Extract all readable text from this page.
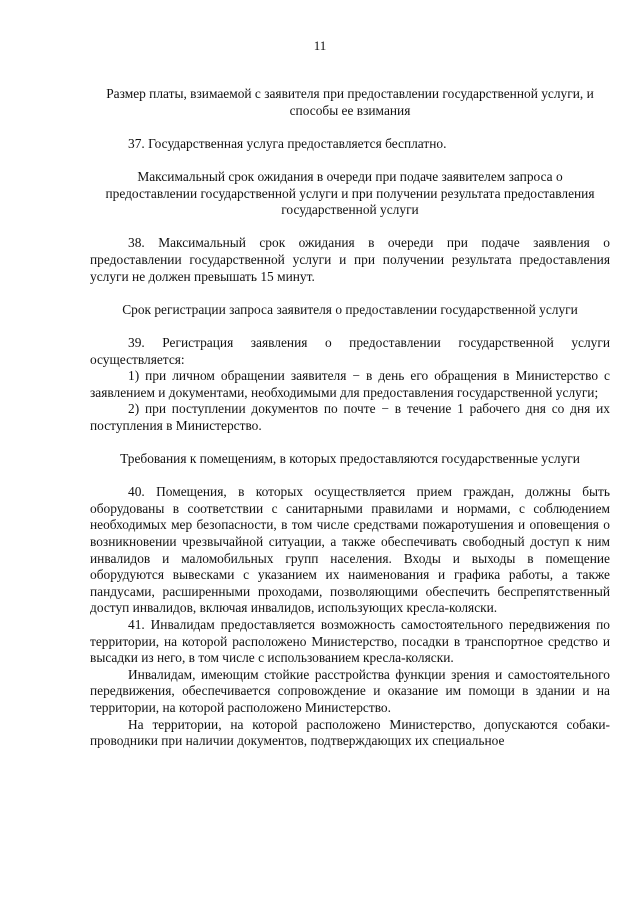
11

Размер платы, взимаемой с заявителя при предоставлении государственной услуги, и способы ее взимания

37. Государственная услуга предоставляется бесплатно.

Максимальный срок ожидания в очереди при подаче заявителем запроса о предоставлении государственной услуги и при получении результата предоставления государственной услуги

38. Максимальный срок ожидания в очереди при подаче заявления о предоставлении государственной услуги и при получении результата предоставления услуги не должен превышать 15 минут.

Срок регистрации запроса заявителя о предоставлении государственной услуги

39. Регистрация заявления о предоставлении государственной услуги осуществляется:

1) при личном обращении заявителя − в день его обращения в Министерство с заявлением и документами, необходимыми для предоставления государственной услуги;

2) при поступлении документов по почте − в течение 1 рабочего дня со дня их поступления в Министерство.

Требования к помещениям, в которых предоставляются государственные услуги

40. Помещения, в которых осуществляется прием граждан, должны быть оборудованы в соответствии с санитарными правилами и нормами, с соблюдением необходимых мер безопасности, в том числе средствами пожаротушения и оповещения о возникновении чрезвычайной ситуации, а также обеспечивать свободный доступ к ним инвалидов и маломобильных групп населения. Входы и выходы в помещение оборудуются вывесками с указанием их наименования и графика работы, а также пандусами, расширенными проходами, позволяющими обеспечить беспрепятственный доступ инвалидов, включая инвалидов, использующих кресла-коляски.

41. Инвалидам предоставляется возможность самостоятельного передвижения по территории, на которой расположено Министерство, посадки в транспортное средство и высадки из него, в том числе с использованием кресла-коляски.

Инвалидам, имеющим стойкие расстройства функции зрения и самостоятельного передвижения, обеспечивается сопровождение и оказание им помощи в здании и на территории, на которой расположено Министерство.

На территории, на которой расположено Министерство, допускаются собаки-проводники при наличии документов, подтверждающих их специальное
